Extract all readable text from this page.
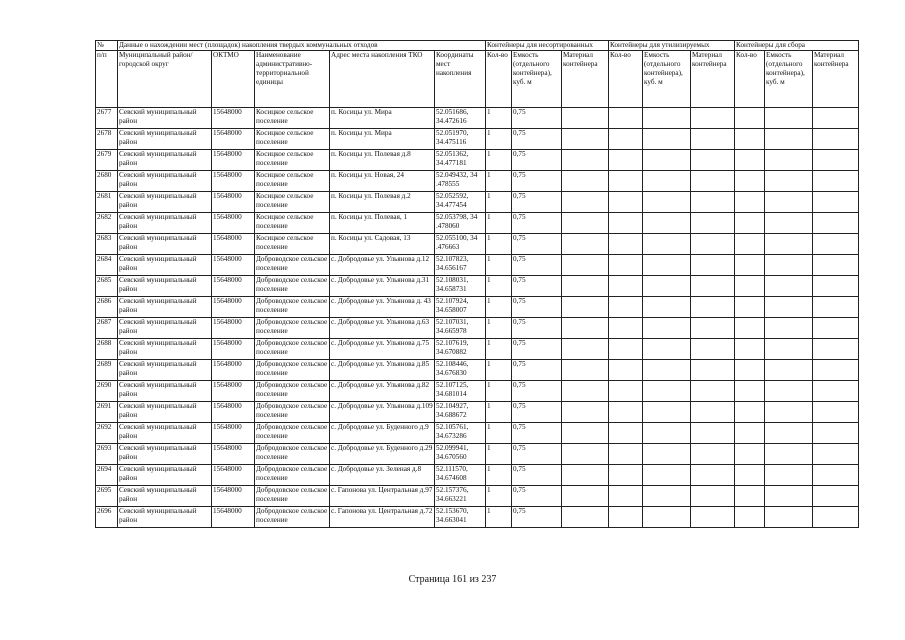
№	Данные о нахождении мест (площадок) накопления твердых коммунальных отходов					Контейнеры для несортированных			Контейнеры для утилизируемых			Контейнеры для сбора		
п/п	Муниципальный район/городской округ	ОКТМО	Наименование административно-территориальной единицы	Адрес места накопления ТКО	Координаты мест накопления	Кол-во	Емкость (отдельного контейнера), куб. м	Материал контейнера	Кол-во	Емкость (отдельного контейнера), куб. м	Материал контейнера	Кол-во	Емкость (отдельного контейнера), куб. м	Материал контейнера
2677	Севский муниципальный район	15648000	Косицкое сельское поселение	п. Косицы ул. Мира	52.051686, 34.472616	1	0,75							
2678	Севский муниципальный район	15648000	Косицкое сельское поселение	п. Косицы ул. Мира	52.051970, 34.475116	1	0,75							
2679	Севский муниципальный район	15648000	Косицкое сельское поселение	п. Косицы ул. Полевая д.8	52.051362, 34.477181	1	0,75							
2680	Севский муниципальный район	15648000	Косицкое сельское поселение	п. Косицы ул. Новая, 24	52.049432, 34 .478555	1	0,75							
2681	Севский муниципальный район	15648000	Косицкое сельское поселение	п. Косицы ул. Полевая д.2	52.052592, 34.477454	1	0,75							
2682	Севский муниципальный район	15648000	Косицкое сельское поселение	п. Косицы ул. Полевая, 1	52.053798, 34 .478060	1	0,75							
2683	Севский муниципальный район	15648000	Косицкое сельское поселение	п. Косицы ул. Садовая, 13	52.055100, 34 .476663	1	0,75							
2684	Севский муниципальный район	15648000	Доброводское сельское поселение	с. Добродовье ул. Ульянова д.12	52.107823, 34.656167	1	0,75							
2685	Севский муниципальный район	15648000	Доброводское сельское поселение	с. Добродовье ул. Ульянова д.31	52.108031, 34.658731	1	0,75							
2686	Севский муниципальный район	15648000	Доброводское сельское поселение	с. Добродовье ул. Ульянова д. 43	52.107924, 34.658007	1	0,75							
2687	Севский муниципальный район	15648000	Доброводское сельское поселение	с. Добродовье ул. Ульянова д.63	52.107031, 34.665978	1	0,75							
2688	Севский муниципальный район	15648000	Доброводское сельское поселение	с. Добродовье ул. Ульянова д.75	52.107619, 34.670882	1	0,75							
2689	Севский муниципальный район	15648000	Доброводское сельское поселение	с. Добродовье ул. Ульянова д.85	52.108446, 34.676830	1	0,75							
2690	Севский муниципальный район	15648000	Доброводское сельское поселение	с. Добродовье ул. Ульянова д.82	52.107125, 34.681014	1	0,75							
2691	Севский муниципальный район	15648000	Доброводское сельское поселение	с. Добродовье ул. Ульянова д.109	52.104927, 34.688672	1	0,75							
2692	Севский муниципальный район	15648000	Доброводское сельское поселение	с. Добродовье ул. Буденного д.9	52.105761, 34.673286	1	0,75							
2693	Севский муниципальный район	15648000	Добродовское сельское поселение	с. Добродовье ул. Буденного д.29	52.099941, 34.670560	1	0,75							
2694	Севский муниципальный район	15648000	Добродовское сельское поселение	с. Добродовье ул. Зеленая д.8	52.111570, 34.674608	1	0,75							
2695	Севский муниципальный район	15648000	Добродовское сельское поселение	с. Гапонова ул. Центральная д.97	52.157376, 34.663221	1	0,75							
2696	Севский муниципальный район	15648000	Добродовское сельское поселение	с. Гапонова ул. Центральная д.72	52.153670, 34.663041	1	0,75							
Страница 161 из 237
